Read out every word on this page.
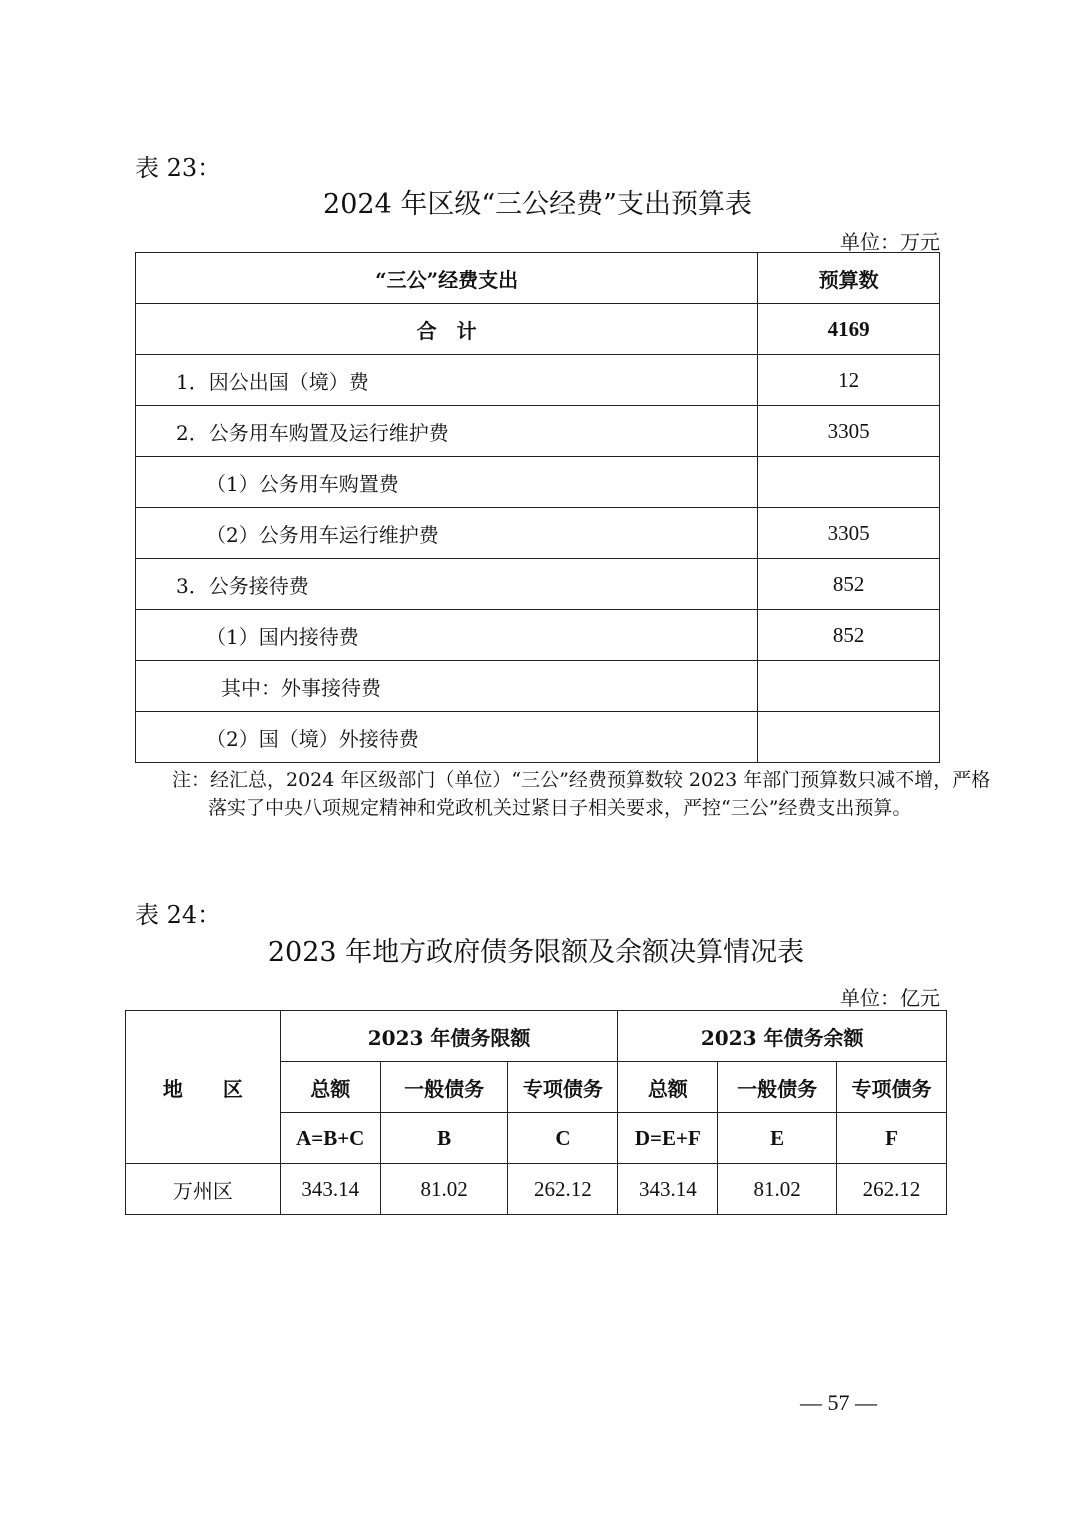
表 23：
2024 年区级“三公经费”支出预算表
单位：万元
“三公”经费支出	预算数
合　计	4169
1．因公出国（境）费	12
2．公务用车购置及运行维护费	3305
（1）公务用车购置费	
（2）公务用车运行维护费	3305
3．公务接待费	852
（1）国内接待费	852
其中：外事接待费	
（2）国（境）外接待费	
注：经汇总，2024 年区级部门（单位）“三公”经费预算数较 2023 年部门预算数只减不增，严格
落实了中央八项规定精神和党政机关过紧日子相关要求，严控“三公”经费支出预算。
表 24：
2023 年地方政府债务限额及余额决算情况表
单位：亿元
地　　区	2023 年债务限额			2023 年债务余额		
	总额	一般债务	专项债务	总额	一般债务	专项债务
	A=B+C	B	C	D=E+F	E	F
万州区	343.14	81.02	262.12	343.14	81.02	262.12
— 57 —
